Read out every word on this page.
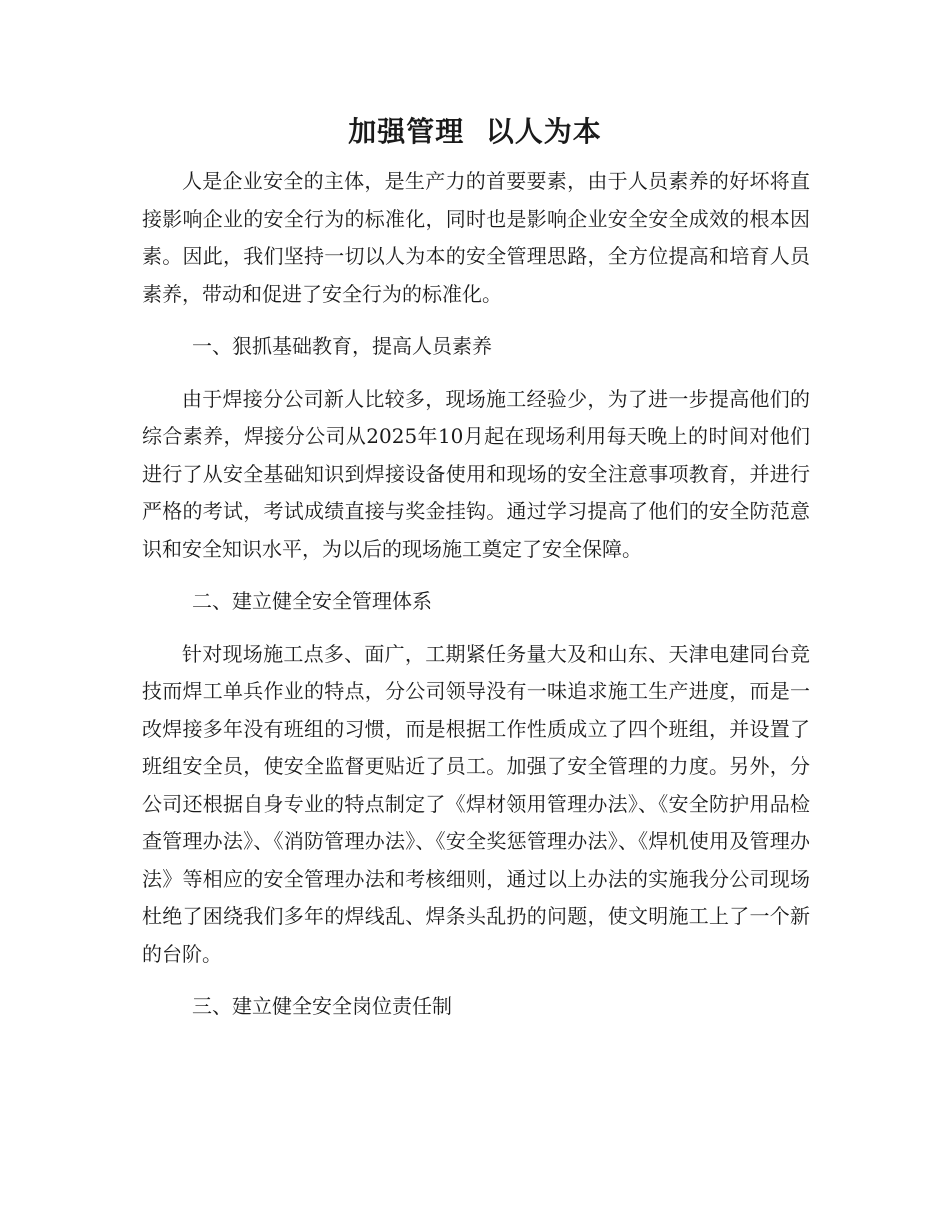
加强管理  以人为本

人是企业安全的主体，是生产力的首要要素，由于人员素养的好坏将直接影响企业的安全行为的标准化，同时也是影响企业安全安全成效的根本因素。因此，我们坚持一切以人为本的安全管理思路，全方位提高和培育人员素养，带动和促进了安全行为的标准化。

一、狠抓基础教育，提高人员素养

由于焊接分公司新人比较多，现场施工经验少，为了进一步提高他们的综合素养，焊接分公司从2025年10月起在现场利用每天晚上的时间对他们进行了从安全基础知识到焊接设备使用和现场的安全注意事项教育，并进行严格的考试，考试成绩直接与奖金挂钩。通过学习提高了他们的安全防范意识和安全知识水平，为以后的现场施工奠定了安全保障。

二、建立健全安全管理体系

针对现场施工点多、面广，工期紧任务量大及和山东、天津电建同台竞技而焊工单兵作业的特点，分公司领导没有一味追求施工生产进度，而是一改焊接多年没有班组的习惯，而是根据工作性质成立了四个班组，并设置了班组安全员，使安全监督更贴近了员工。加强了安全管理的力度。另外，分公司还根据自身专业的特点制定了《焊材领用管理办法》、《安全防护用品检查管理办法》、《消防管理办法》、《安全奖惩管理办法》、《焊机使用及管理办法》等相应的安全管理办法和考核细则，通过以上办法的实施我分公司现场杜绝了困绕我们多年的焊线乱、焊条头乱扔的问题，使文明施工上了一个新的台阶。

三、建立健全安全岗位责任制
